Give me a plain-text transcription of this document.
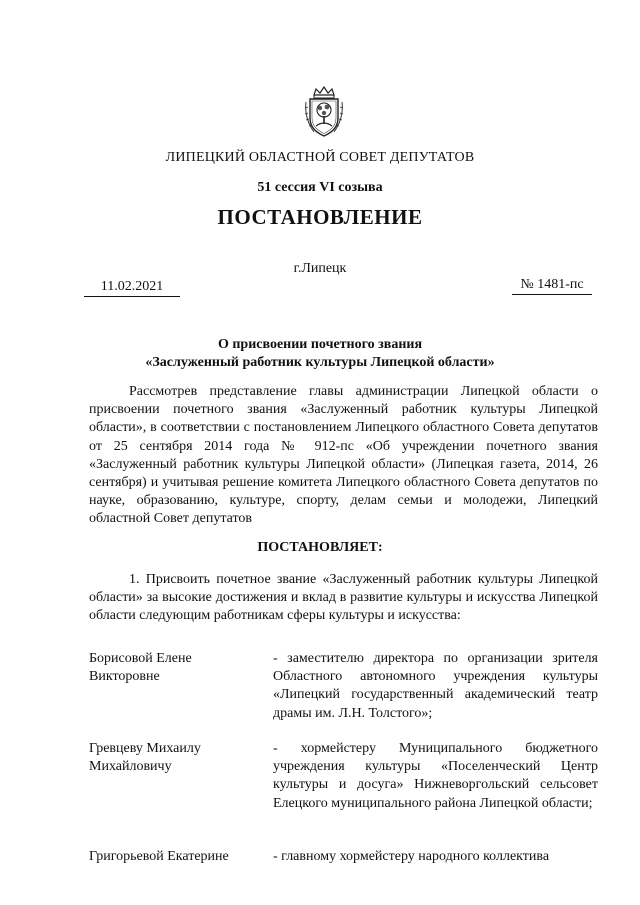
ЛИПЕЦКИЙ ОБЛАСТНОЙ СОВЕТ ДЕПУТАТОВ
51 сессия VI созыва
ПОСТАНОВЛЕНИЕ
г.Липецк
11.02.2021	№ 1481-пс
О присвоении почетного звания
«Заслуженный работник культуры Липецкой области»

Рассмотрев представление главы администрации Липецкой области о присвоении почетного звания «Заслуженный работник культуры Липецкой области», в соответствии с постановлением Липецкого областного Совета депутатов от 25 сентября 2014 года № 912-пс «Об учреждении почетного звания «Заслуженный работник культуры Липецкой области» (Липецкая газета, 2014, 26 сентября) и учитывая решение комитета Липецкого областного Совета депутатов по науке, образованию, культуре, спорту, делам семьи и молодежи, Липецкий областной Совет депутатов

ПОСТАНОВЛЯЕТ:

1. Присвоить почетное звание «Заслуженный работник культуры Липецкой области» за высокие достижения и вклад в развитие культуры и искусства Липецкой области следующим работникам сферы культуры и искусства:

Борисовой Елене
Викторовне
- заместителю директора по организации зрителя Областного автономного учреждения культуры «Липецкий государственный академический театр драмы им. Л.Н. Толстого»;
Гревцеву Михаилу
Михайловичу
- хормейстеру Муниципального бюджетного учреждения культуры «Поселенческий Центр культуры и досуга» Нижневоргольский сельсовет Елецкого муниципального района Липецкой области;
Григорьевой Екатерине	- главному хормейстеру народного коллектива
